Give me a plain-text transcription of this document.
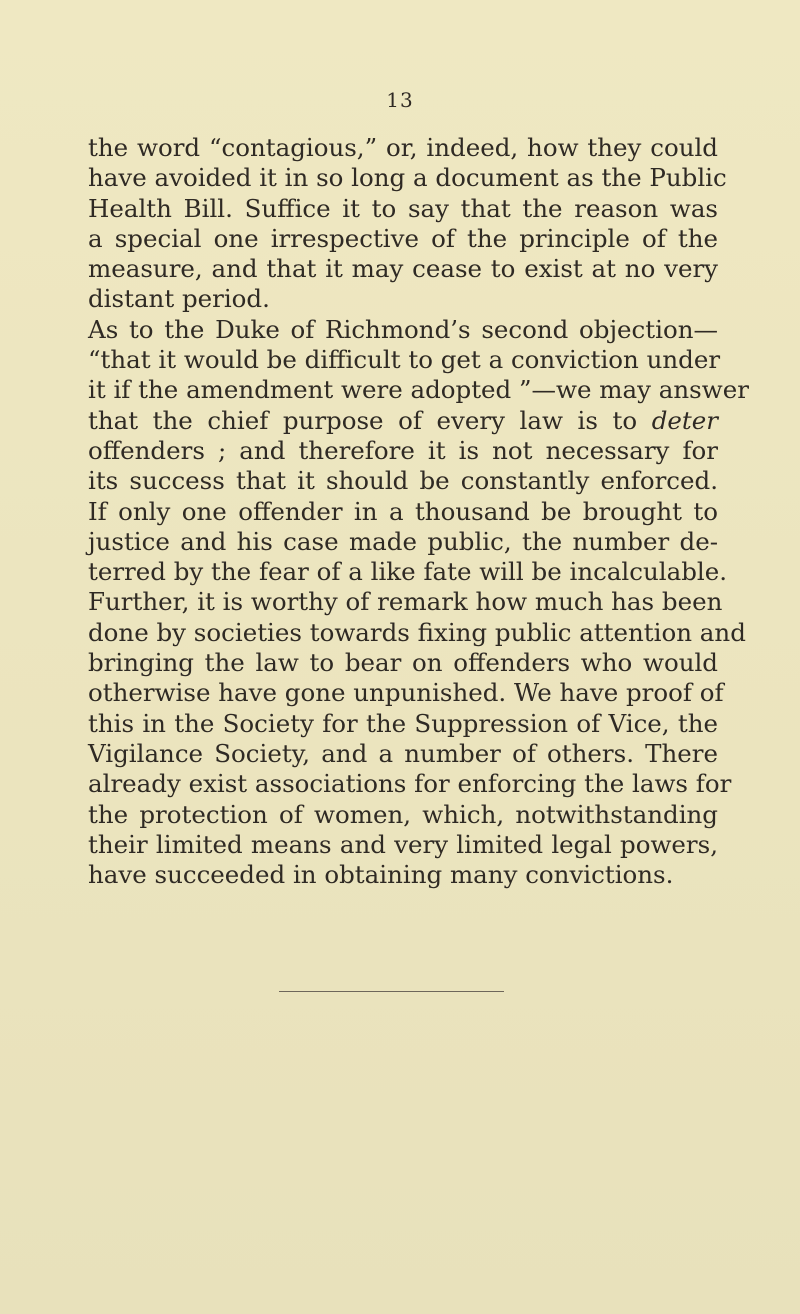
13
the word “contagious,” or, indeed, how they could
have avoided it in so long a document as the Public
Health Bill. Suffice it to say that the reason was
a special one irrespective of the principle of the
measure, and that it may cease to exist at no very
distant period.
As to the Duke of Richmond’s second objection—
“that it would be difficult to get a conviction under
it if the amendment were adopted ”—we may answer
that the chief purpose of every law is to deter
offenders ; and therefore it is not necessary for
its success that it should be constantly enforced.
If only one offender in a thousand be brought to
justice and his case made public, the number de-
terred by the fear of a like fate will be incalculable.
Further, it is worthy of remark how much has been
done by societies towards fixing public attention and
bringing the law to bear on offenders who would
otherwise have gone unpunished. We have proof of
this in the Society for the Suppression of Vice, the
Vigilance Society, and a number of others. There
already exist associations for enforcing the laws for
the protection of women, which, notwithstanding
their limited means and very limited legal powers,
have succeeded in obtaining many convictions.
